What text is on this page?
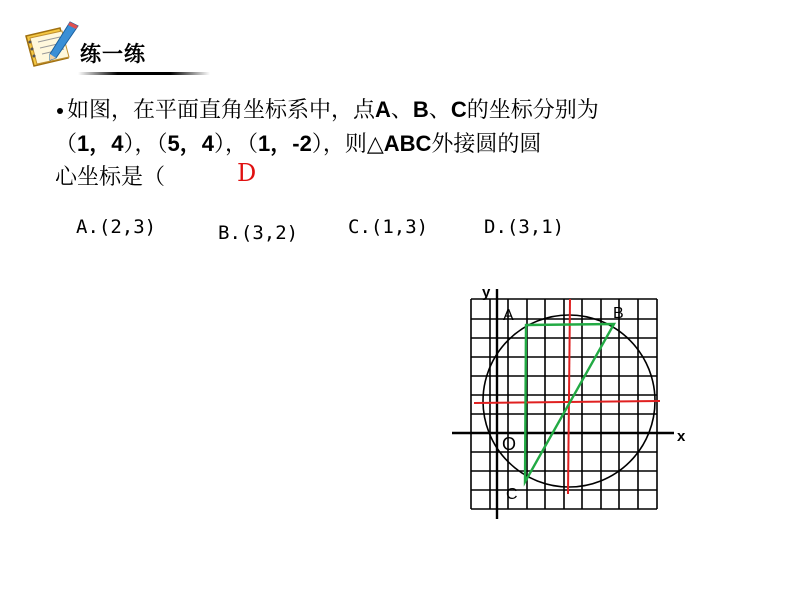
练一练
如图，在平面直角坐标系中，点A、B、C的坐标分别为
（1，4），（5，4），（1，-2），则△ABC外接圆的圆
心坐标是（	D
A.(2,3)	B.(3,2)	C.(1,3)	D.(3,1)
y
x
A	B
C
O
